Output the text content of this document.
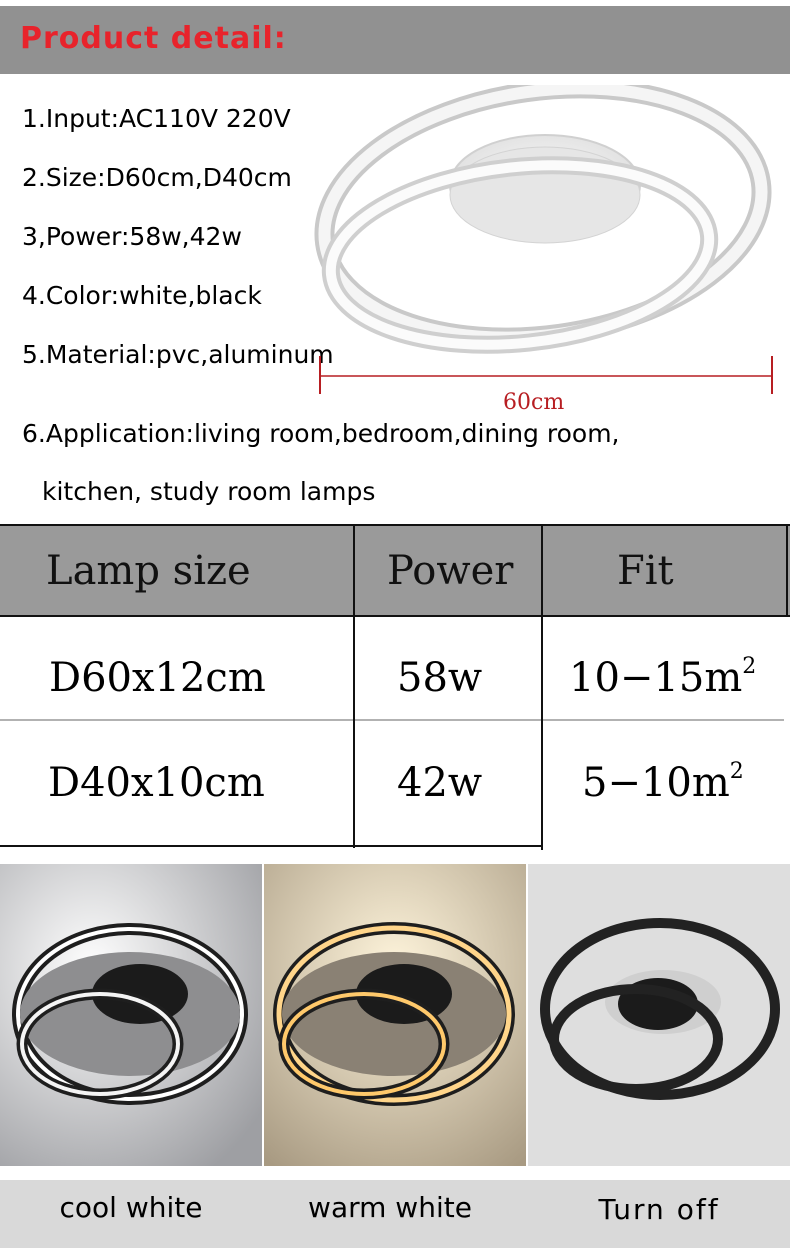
Product detail:
1.Input:AC110V 220V
2.Size:D60cm,D40cm
3,Power:58w,42w
4.Color:white,black
5.Material:pvc,aluminum
60cm
6.Application:living room,bedroom,dining room,
kitchen, study room lamps
Lamp size	Power	Fit
D60x12cm	58w $10-15m^2$
D40x10cm	42w $5-10m^2$
cool white	warm white	Turn off
